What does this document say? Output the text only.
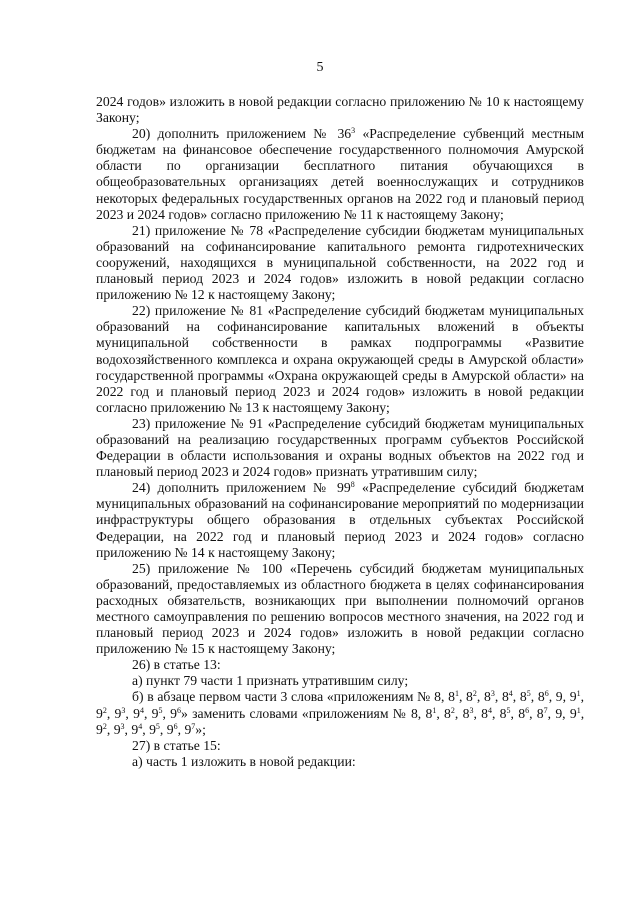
5

2024 годов» изложить в новой редакции согласно приложению № 10 к настоящему Закону;

20) дополнить приложением № $36^3$ «Распределение субвенций местным бюджетам на финансовое обеспечение государственного полномочия Амурской области по организации бесплатного питания обучающихся в общеобразовательных организациях детей военнослужащих и сотрудников некоторых федеральных государственных органов на 2022 год и плановый период 2023 и 2024 годов» согласно приложению № 11 к настоящему Закону;

21) приложение № 78 «Распределение субсидии бюджетам муниципальных образований на софинансирование капитального ремонта гидротехнических сооружений, находящихся в муниципальной собственности, на 2022 год и плановый период 2023 и 2024 годов» изложить в новой редакции согласно приложению № 12 к настоящему Закону;

22) приложение № 81 «Распределение субсидий бюджетам муниципальных образований на софинансирование капитальных вложений в объекты муниципальной собственности в рамках подпрограммы «Развитие водохозяйственного комплекса и охрана окружающей среды в Амурской области» государственной программы «Охрана окружающей среды в Амурской области» на 2022 год и плановый период 2023 и 2024 годов» изложить в новой редакции согласно приложению № 13 к настоящему Закону;

23) приложение № 91 «Распределение субсидий бюджетам муниципальных образований на реализацию государственных программ субъектов Российской Федерации в области использования и охраны водных объектов на 2022 год и плановый период 2023 и 2024 годов» признать утратившим силу;

24) дополнить приложением № $99^8$ «Распределение субсидий бюджетам муниципальных образований на софинансирование мероприятий по модернизации инфраструктуры общего образования в отдельных субъектах Российской Федерации, на 2022 год и плановый период 2023 и 2024 годов» согласно приложению № 14 к настоящему Закону;

25) приложение № 100 «Перечень субсидий бюджетам муниципальных образований, предоставляемых из областного бюджета в целях софинансирования расходных обязательств, возникающих при выполнении полномочий органов местного самоуправления по решению вопросов местного значения, на 2022 год и плановый период 2023 и 2024 годов» изложить в новой редакции согласно приложению № 15 к настоящему Закону;

26) в статье 13:

а) пункт 79 части 1 признать утратившим силу;

б) в абзаце первом части 3 слова «приложениям № 8, $8^1$, $8^2$, $8^3$, $8^4$, $8^5$, $8^6$, 9, $9^1$, $9^2$, $9^3$, $9^4$, $9^5$, $9^6$» заменить словами «приложениям № 8, $8^1$, $8^2$, $8^3$, $8^4$, $8^5$, $8^6$, $8^7$, 9, $9^1$, $9^2$, $9^3$, $9^4$, $9^5$, $9^6$, $9^7$»;

27) в статье 15:

а) часть 1 изложить в новой редакции:
